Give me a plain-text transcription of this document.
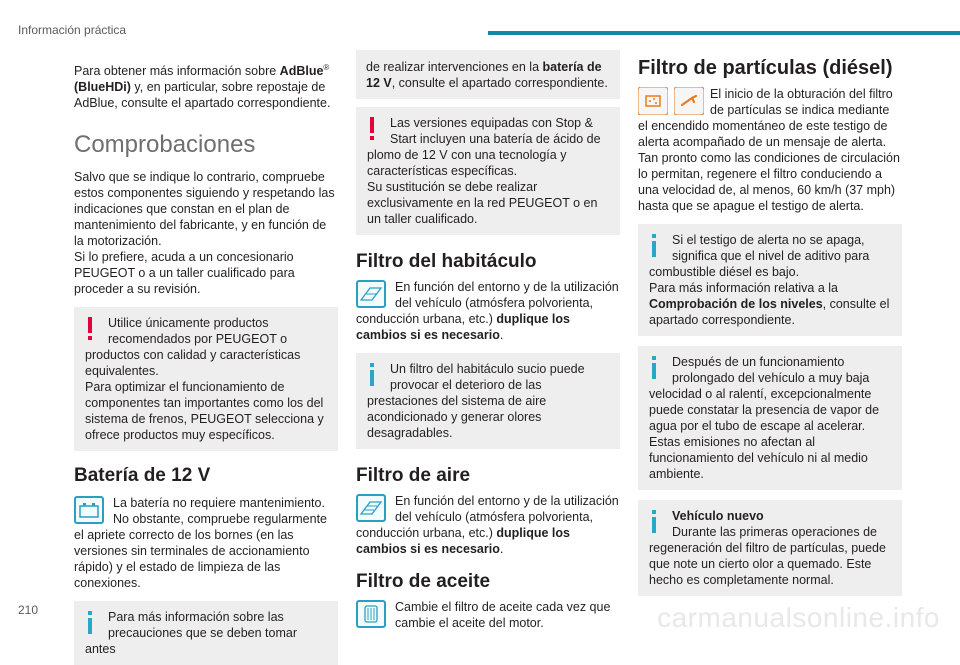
Información práctica

Para obtener más información sobre AdBlue®
(BlueHDi) y, en particular, sobre repostaje de AdBlue, consulte el apartado correspondiente.

Comprobaciones

Salvo que se indique lo contrario, compruebe estos componentes siguiendo y respetando las indicaciones que constan en el plan de mantenimiento del fabricante, y en función de la motorización.

Si lo prefiere, acuda a un concesionario PEUGEOT o a un taller cualificado para proceder a su revisión.

Utilice únicamente productos recomendados por PEUGEOT o productos con calidad y características equivalentes.
Para optimizar el funcionamiento de componentes tan importantes como los del sistema de frenos, PEUGEOT selecciona y ofrece productos muy específicos.
Batería de 12 V

La batería no requiere mantenimiento. No obstante, compruebe regularmente el apriete correcto de los bornes (en las versiones sin terminales de accionamiento rápido) y el estado de limpieza de las conexiones.

Para más información sobre las precauciones que se deben tomar antes
de realizar intervenciones en la batería de 12 V, consulte el apartado correspondiente.
Las versiones equipadas con Stop & Start incluyen una batería de ácido de plomo de 12 V con una tecnología y características específicas.
Su sustitución se debe realizar exclusivamente en la red PEUGEOT o en un taller cualificado.
Filtro del habitáculo

En función del entorno y de la utilización del vehículo (atmósfera polvorienta, conducción urbana, etc.) duplique los cambios si es necesario.

Un filtro del habitáculo sucio puede provocar el deterioro de las prestaciones del sistema de aire acondicionado y generar olores desagradables.
Filtro de aire

En función del entorno y de la utilización del vehículo (atmósfera polvorienta, conducción urbana, etc.) duplique los cambios si es necesario.

Filtro de aceite

Cambie el filtro de aceite cada vez que cambie el aceite del motor.

Filtro de partículas (diésel)

El inicio de la obturación del filtro de partículas se indica mediante el encendido momentáneo de este testigo de alerta acompañado de un mensaje de alerta.

Tan pronto como las condiciones de circulación lo permitan, regenere el filtro conduciendo a una velocidad de, al menos, 60 km/h (37 mph) hasta que se apague el testigo de alerta.

Si el testigo de alerta no se apaga, significa que el nivel de aditivo para combustible diésel es bajo.
Para más información relativa a la Comprobación de los niveles, consulte el apartado correspondiente.
Después de un funcionamiento prolongado del vehículo a muy baja velocidad o al ralentí, excepcionalmente puede constatar la presencia de vapor de agua por el tubo de escape al acelerar. Estas emisiones no afectan al funcionamiento del vehículo ni al medio ambiente.
Vehículo nuevo
Durante las primeras operaciones de regeneración del filtro de partículas, puede que note un cierto olor a quemado. Este hecho es completamente normal.
210	carmanualsonline.info
